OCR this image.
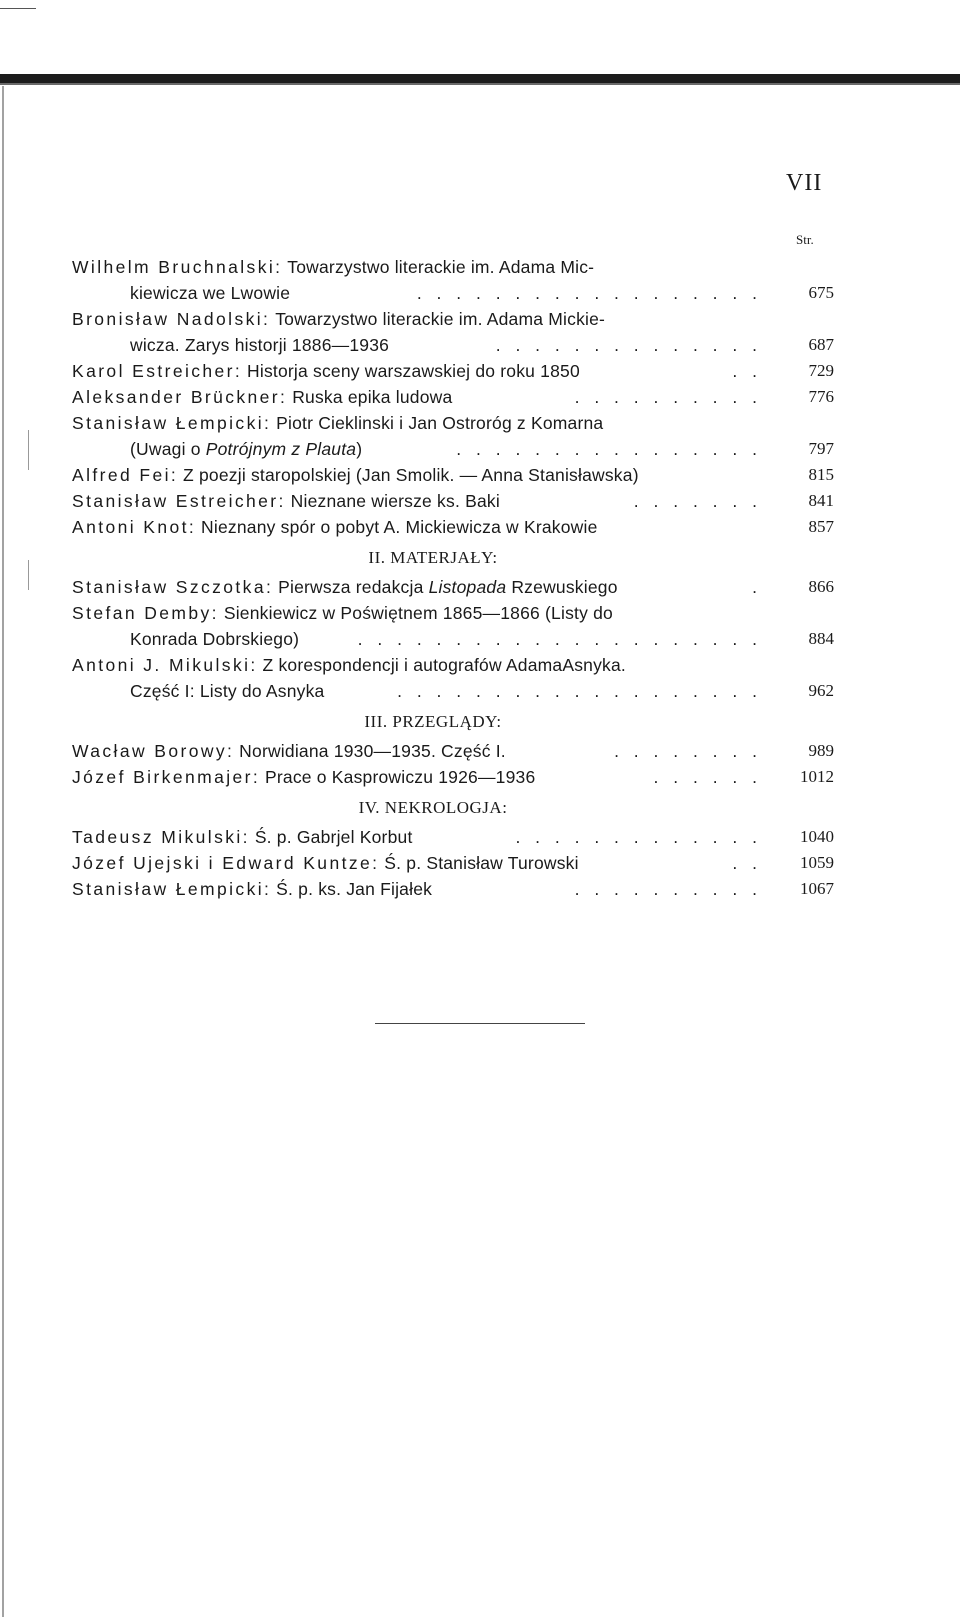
VII
Str.
Wilhelm Bruchnalski: Towarzystwo literackie im. Adama Mic-
kiewicza we Lwowie	. . . . . . . . . . . . . . . . . .	675
Bronisław Nadolski: Towarzystwo literackie im. Adama Mickie-
wicza. Zarys historji 1886—1936	. . . . . . . . . . . . . .	687
Karol Estreicher: Historja sceny warszawskiej do roku 1850	. .	729
Aleksander Brückner: Ruska epika ludowa	. . . . . . . . . .	776
Stanisław Łempicki: Piotr Cieklinski i Jan Ostroróg z Komarna
(Uwagi o Potrójnym z Plauta)	. . . . . . . . . . . . . . . .	797
Alfred Fei: Z poezji staropolskiej (Jan Smolik. — Anna Stanisławska)	815
Stanisław Estreicher: Nieznane wiersze ks. Baki	. . . . . . .	841
Antoni Knot: Nieznany spór o pobyt A. Mickiewicza w Krakowie	857
II. MATERJAŁY:
Stanisław Szczotka: Pierwsza redakcja Listopada Rzewuskiego	.	866
Stefan Demby: Sienkiewicz w Poświętnem 1865—1866 (Listy do
Konrada Dobrskiego)	. . . . . . . . . . . . . . . . . . . . .	884
Antoni J. Mikulski: Z korespondencji i autografów AdamaAsnyka.
Część I: Listy do Asnyka	. . . . . . . . . . . . . . . . . . .	962
III. PRZEGLĄDY:
Wacław Borowy: Norwidiana 1930—1935. Część I.	. . . . . . . .	989
Józef Birkenmajer: Prace o Kasprowiczu 1926—1936	. . . . . .	1012
IV. NEKROLOGJA:
Tadeusz Mikulski: Ś. p. Gabrjel Korbut	. . . . . . . . . . . . .	1040
Józef Ujejski i Edward Kuntze: Ś. p. Stanisław Turowski	. .	1059
Stanisław Łempicki: Ś. p. ks. Jan Fijałek	. . . . . . . . . .	1067
